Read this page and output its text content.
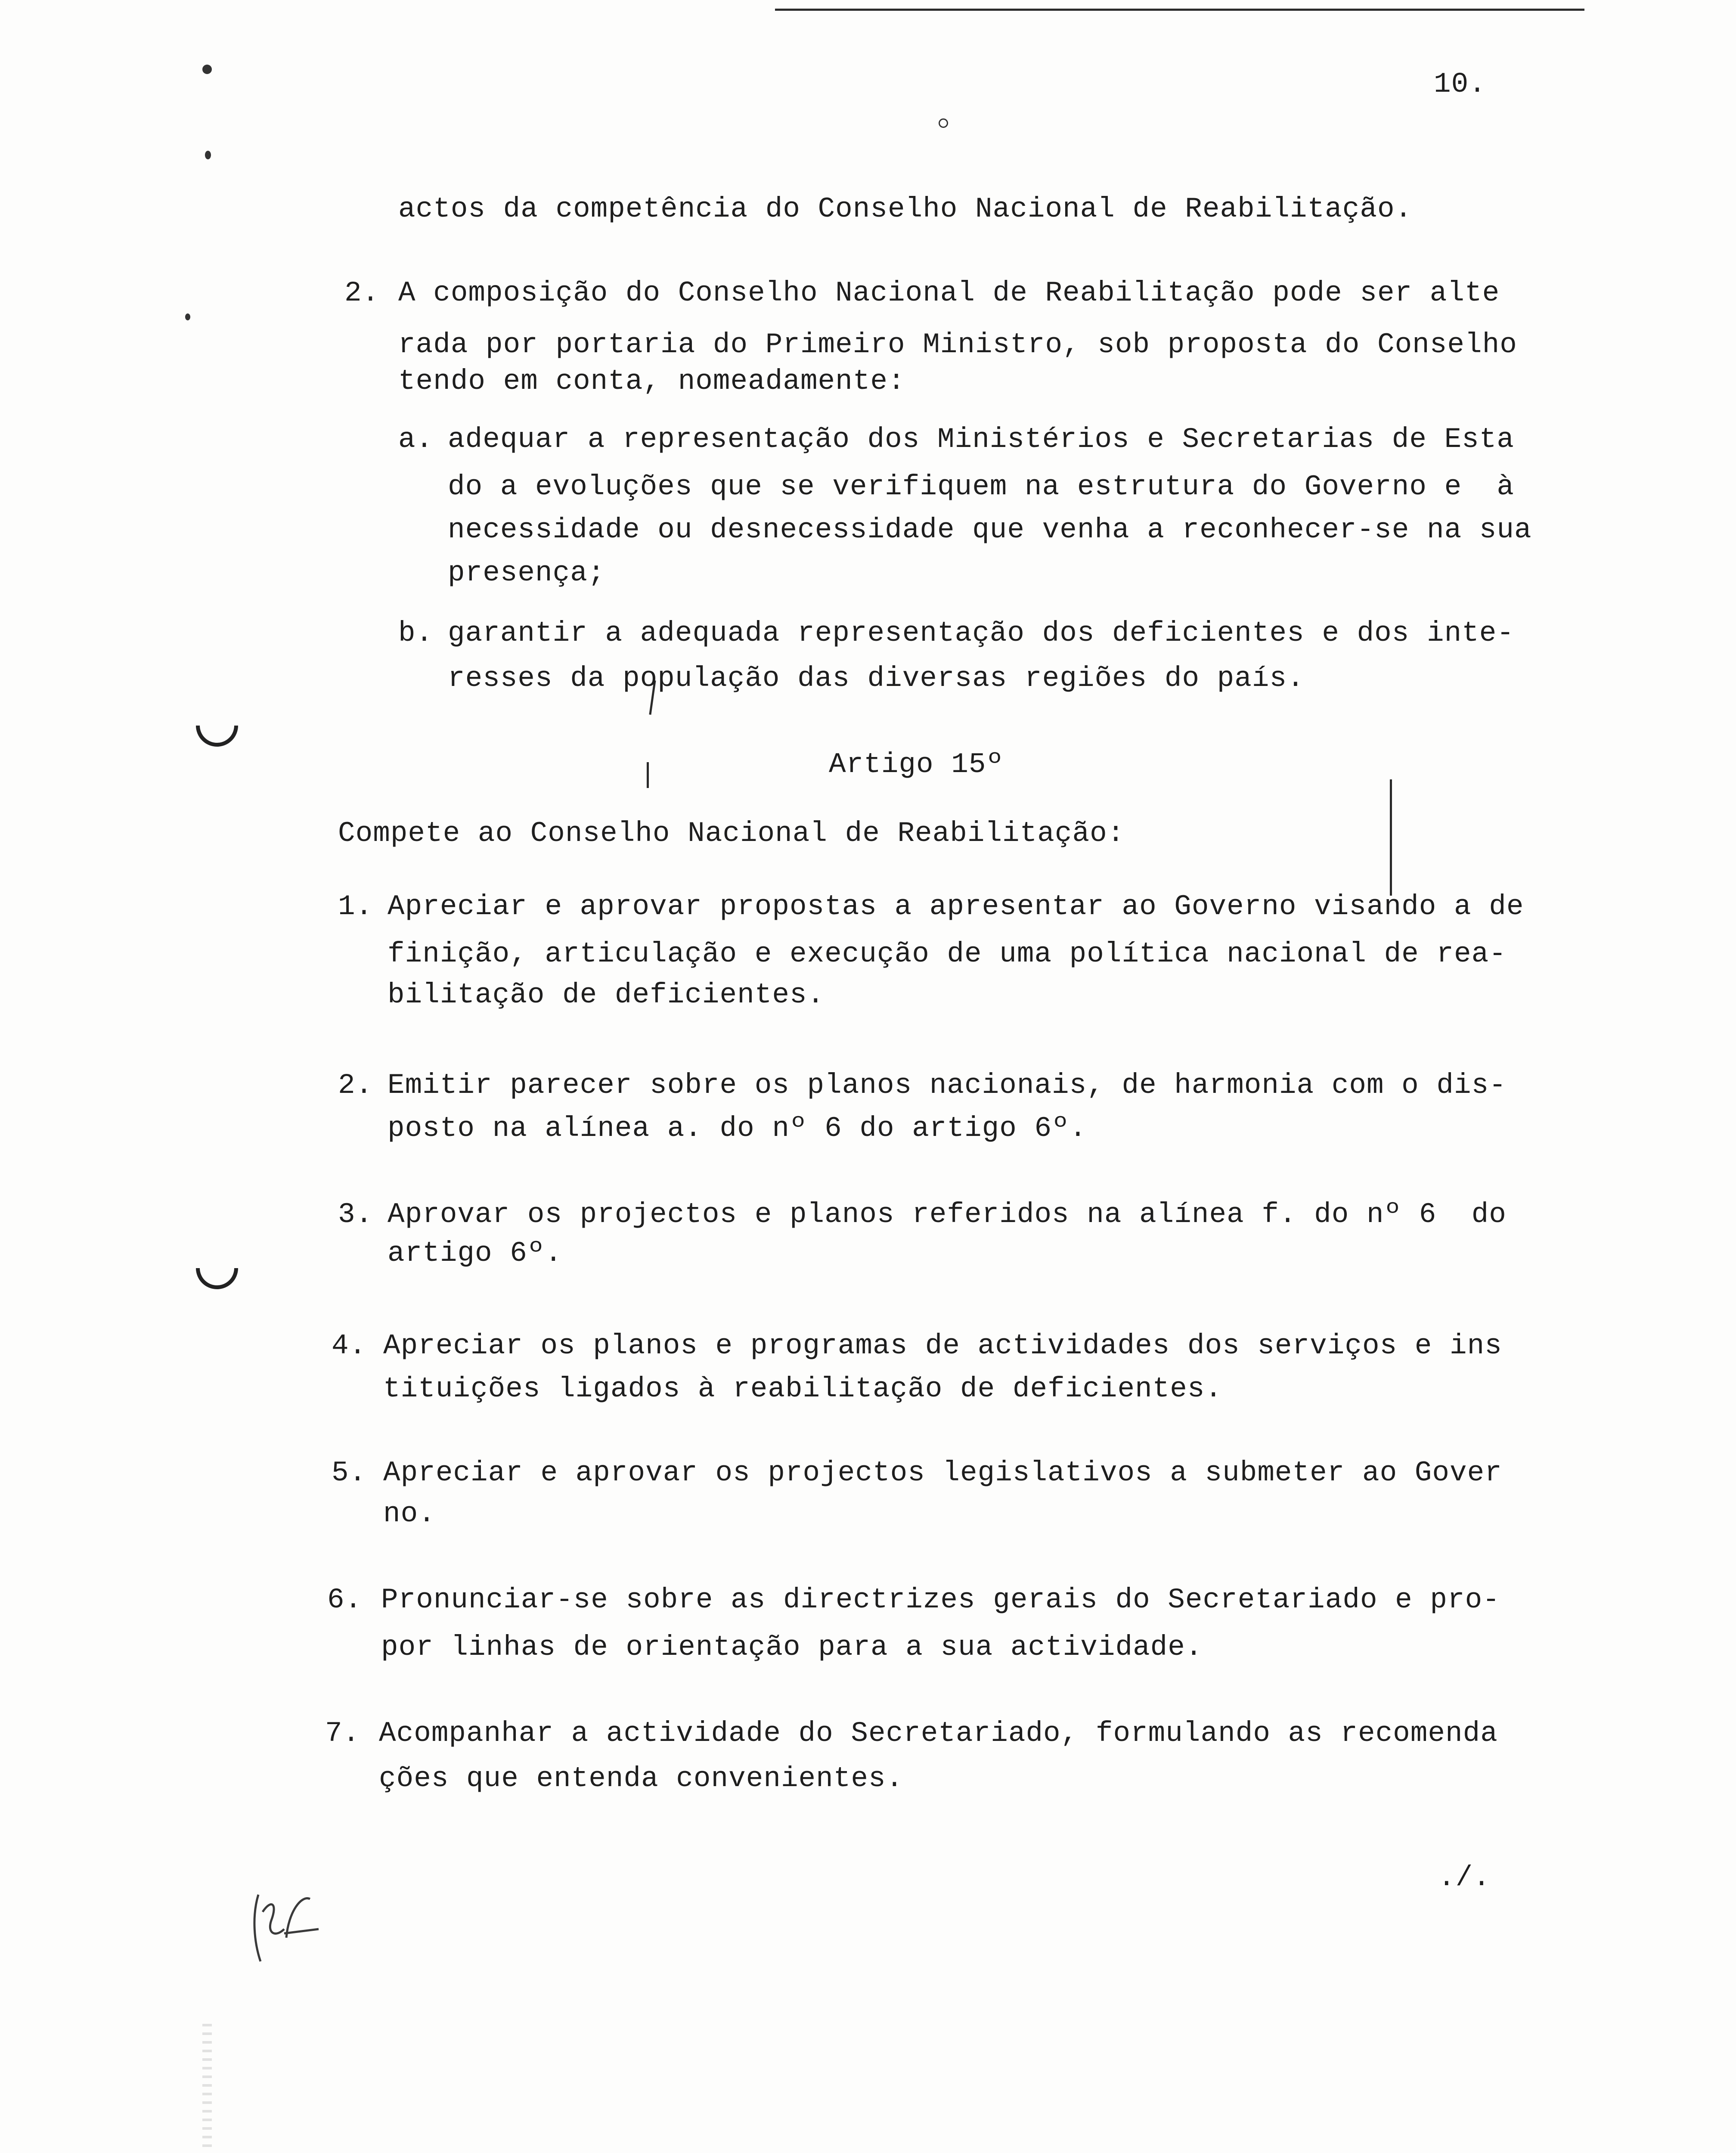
10.
actos da competência do Conselho Nacional de Reabilitação.
2. A composição do Conselho Nacional de Reabilitação pode ser alte
rada por portaria do Primeiro Ministro, sob proposta do Conselho
tendo em conta, nomeadamente:
a. adequar a representação dos Ministérios e Secretarias de Esta
do a evoluções que se verifiquem na estrutura do Governo e  à
necessidade ou desnecessidade que venha a reconhecer-se na sua
presença;
b. garantir a adequada representação dos deficientes e dos inte-
resses da população das diversas regiões do país.
Artigo 15º
Compete ao Conselho Nacional de Reabilitação:
1. Apreciar e aprovar propostas a apresentar ao Governo visando a de
finição, articulação e execução de uma política nacional de rea-
bilitação de deficientes.
2. Emitir parecer sobre os planos nacionais, de harmonia com o dis-
posto na alínea a. do nº 6 do artigo 6º.
3. Aprovar os projectos e planos referidos na alínea f. do nº 6  do
artigo 6º.
4. Apreciar os planos e programas de actividades dos serviços e ins
tituições ligados à reabilitação de deficientes.
5. Apreciar e aprovar os projectos legislativos a submeter ao Gover
no.
6. Pronunciar-se sobre as directrizes gerais do Secretariado e pro-
por linhas de orientação para a sua actividade.
7. Acompanhar a actividade do Secretariado, formulando as recomenda
ções que entenda convenientes.
./.
